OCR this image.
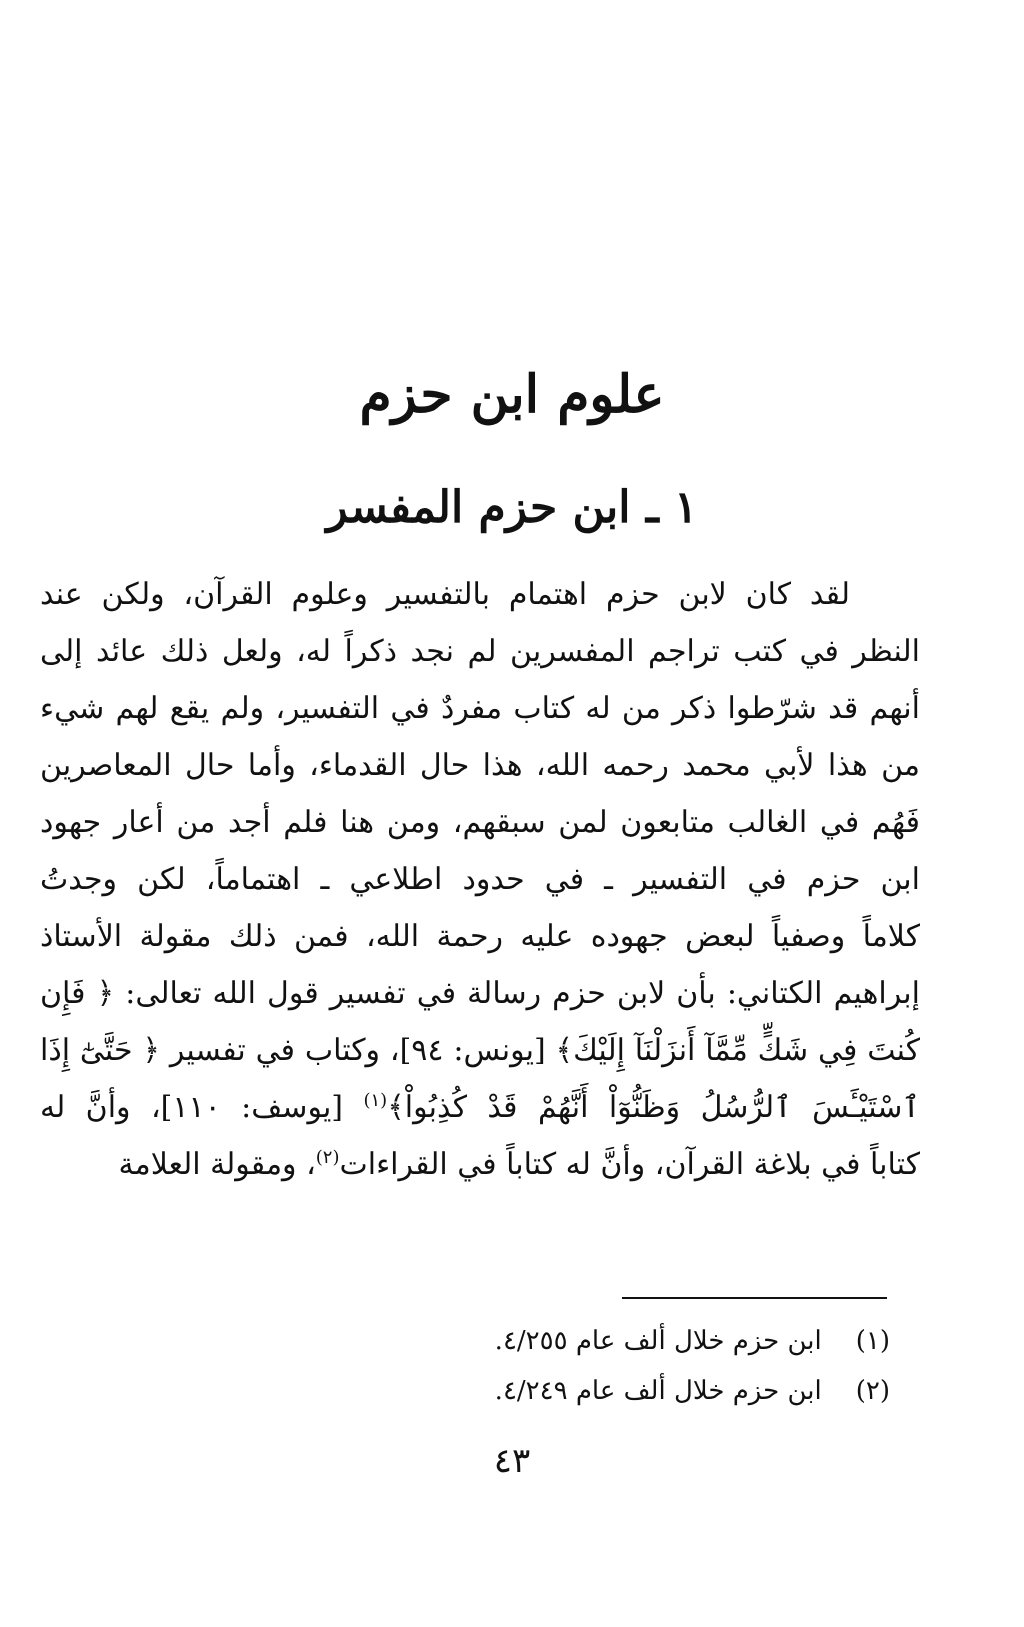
علوم ابن حزم
١ ـ ابن حزم المفسر
لقد كان لابن حزم اهتمام بالتفسير وعلوم القرآن، ولكن عند
النظر في كتب تراجم المفسرين لم نجد ذكراً له، ولعل ذلك عائد إلى
أنهم قد شرّطوا ذكر من له كتاب مفردٌ في التفسير، ولم يقع لهم شيء
من هذا لأبي محمد رحمه الله، هذا حال القدماء، وأما حال المعاصرين
فَهُم في الغالب متابعون لمن سبقهم، ومن هنا فلم أجد من أعار جهود
ابن حزم في التفسير ـ في حدود اطلاعي ـ اهتماماً، لكن وجدتُ
كلاماً وصفياً لبعض جهوده عليه رحمة الله، فمن ذلك مقولة الأستاذ
إبراهيم الكتاني: بأن لابن حزم رسالة في تفسير قول الله تعالى: ﴿ فَإِن
كُنتَ فِي شَكٍّ مِّمَّآ أَنزَلْنَآ إِلَيْكَ﴾ [يونس: ٩٤]، وكتاب في تفسير ﴿ حَتَّىٰٓ إِذَا
ٱسْتَيْـَٔسَ ٱلرُّسُلُ وَظَنُّوٓاْ أَنَّهُمْ قَدْ كُذِبُواْ﴾$^{(١)}$ [يوسف: ١١٠]، وأنَّ له
كتاباً في بلاغة القرآن، وأنَّ له كتاباً في القراءات$^{(٢)}$، ومقولة العلامة
(١) ابن حزم خلال ألف عام ٤/٢٥٥.
(٢) ابن حزم خلال ألف عام ٤/٢٤٩.
٤٣
